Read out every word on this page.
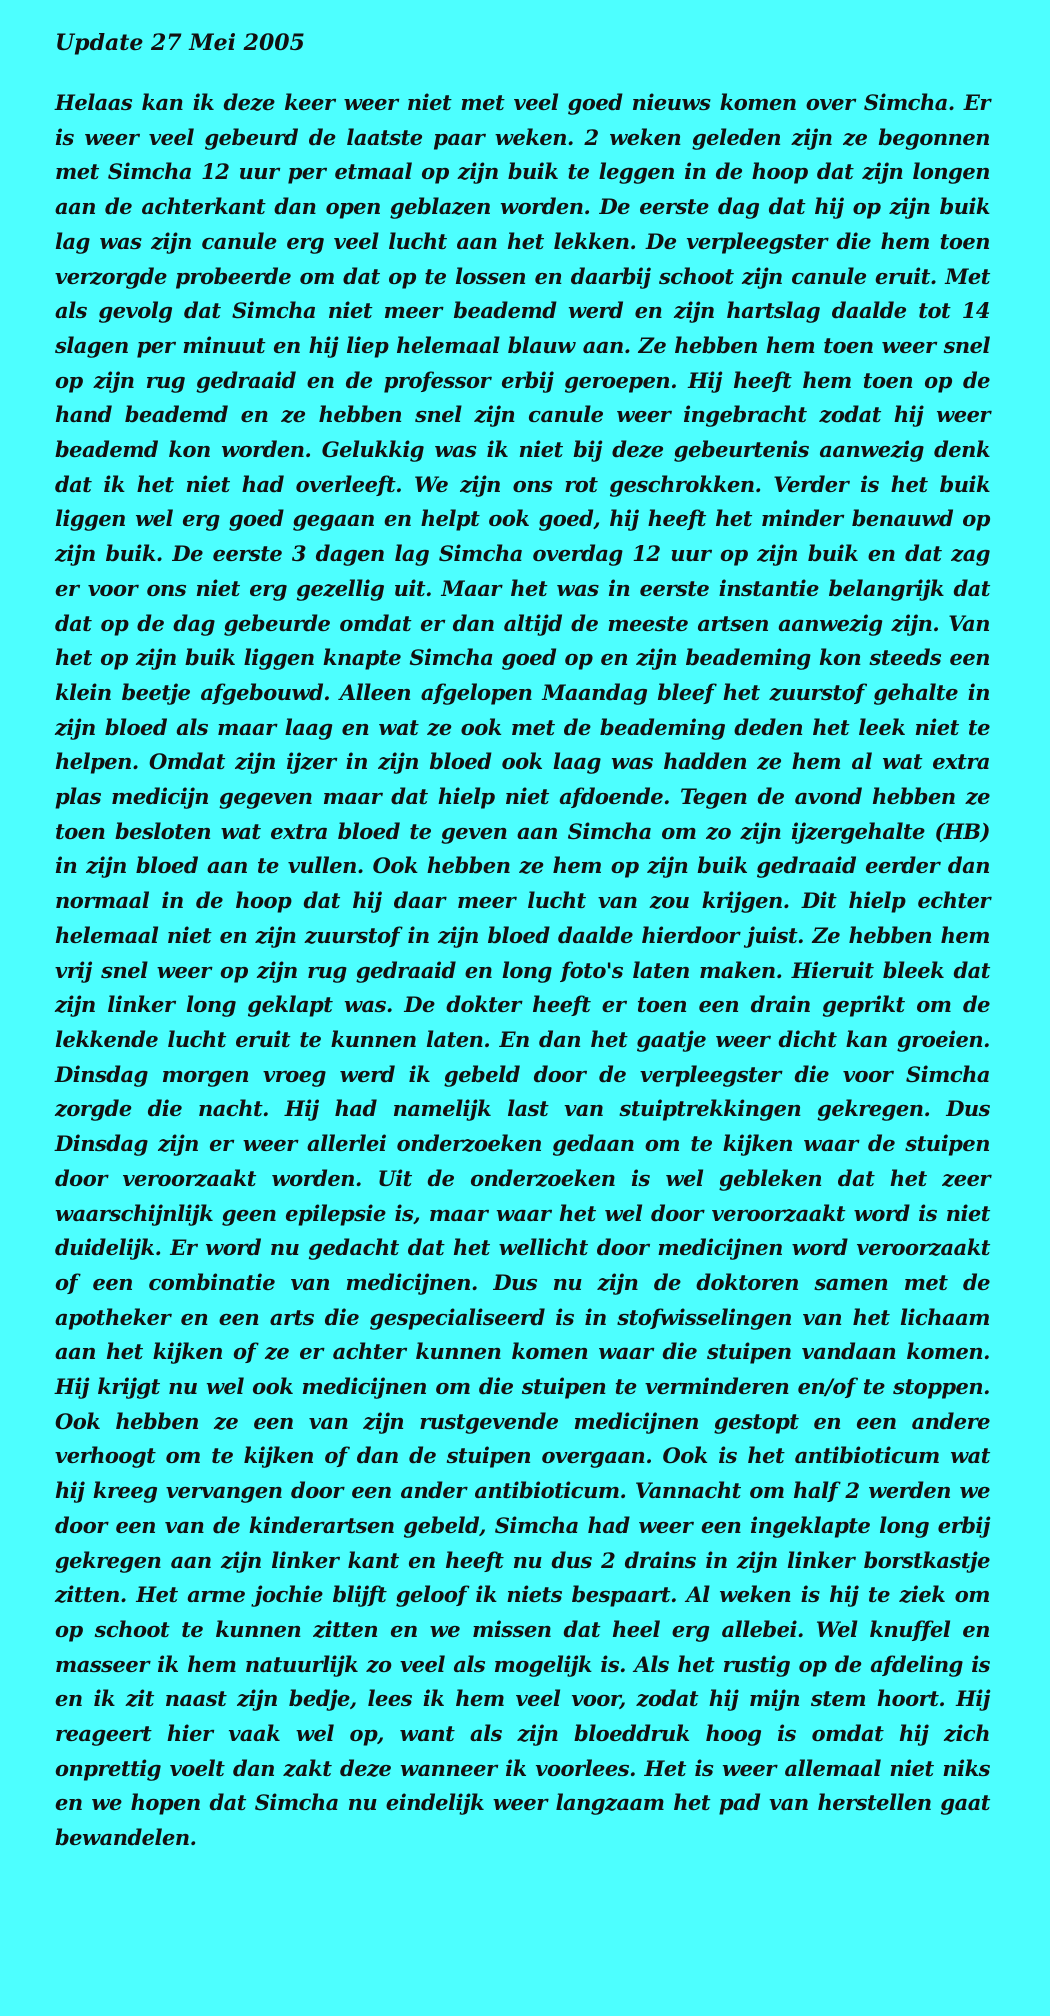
Update 27 Mei 2005

Helaas kan ik deze keer weer niet met veel goed nieuws komen over Simcha. Er is weer veel gebeurd de laatste paar weken. 2 weken geleden zijn ze begonnen met Simcha 12 uur per etmaal op zijn buik te leggen in de hoop dat zijn longen aan de achterkant dan open geblazen worden. De eerste dag dat hij op zijn buik lag was zijn canule erg veel lucht aan het lekken. De verpleegster die hem toen verzorgde probeerde om dat op te lossen en daarbij schoot zijn canule eruit. Met als gevolg dat Simcha niet meer beademd werd en zijn hartslag daalde tot 14 slagen per minuut en hij liep helemaal blauw aan. Ze hebben hem toen weer snel op zijn rug gedraaid en de professor erbij geroepen. Hij heeft hem toen op de hand beademd en ze hebben snel zijn canule weer ingebracht zodat hij weer beademd kon worden. Gelukkig was ik niet bij deze gebeurtenis aanwezig denk dat ik het niet had overleeft. We zijn ons rot geschrokken. Verder is het buik liggen wel erg goed gegaan en helpt ook goed, hij heeft het minder benauwd op zijn buik. De eerste 3 dagen lag Simcha overdag 12 uur op zijn buik en dat zag er voor ons niet erg gezellig uit. Maar het was in eerste instantie belangrijk dat dat op de dag gebeurde omdat er dan altijd de meeste artsen aanwezig zijn. Van het op zijn buik liggen knapte Simcha goed op en zijn beademing kon steeds een klein beetje afgebouwd. Alleen afgelopen Maandag bleef het zuurstof gehalte in zijn bloed als maar laag en wat ze ook met de beademing deden het leek niet te helpen. Omdat zijn ijzer in zijn bloed ook laag was hadden ze hem al wat extra plas medicijn gegeven maar dat hielp niet afdoende. Tegen de avond hebben ze toen besloten wat extra bloed te geven aan Simcha om zo zijn ijzergehalte (HB) in zijn bloed aan te vullen. Ook hebben ze hem op zijn buik gedraaid eerder dan normaal in de hoop dat hij daar meer lucht van zou krijgen. Dit hielp echter helemaal niet en zijn zuurstof in zijn bloed daalde hierdoor juist. Ze hebben hem vrij snel weer op zijn rug gedraaid en long foto's laten maken. Hieruit bleek dat zijn linker long geklapt was. De dokter heeft er toen een drain geprikt om de lekkende lucht eruit te kunnen laten. En dan het gaatje weer dicht kan groeien. Dinsdag morgen vroeg werd ik gebeld door de verpleegster die voor Simcha zorgde die nacht. Hij had namelijk last van stuiptrekkingen gekregen. Dus Dinsdag zijn er weer allerlei onderzoeken gedaan om te kijken waar de stuipen door veroorzaakt worden. Uit de onderzoeken is wel gebleken dat het zeer waarschijnlijk geen epilepsie is, maar waar het wel door veroorzaakt word is niet duidelijk. Er word nu gedacht dat het wellicht door medicijnen word veroorzaakt of een combinatie van medicijnen. Dus nu zijn de doktoren samen met de apotheker en een arts die gespecialiseerd is in stofwisselingen van het lichaam aan het kijken of ze er achter kunnen komen waar die stuipen vandaan komen. Hij krijgt nu wel ook medicijnen om die stuipen te verminderen en/of te stoppen. Ook hebben ze een van zijn rustgevende medicijnen gestopt en een andere verhoogt om te kijken of dan de stuipen overgaan. Ook is het antibioticum wat hij kreeg vervangen door een ander antibioticum. Vannacht om half 2 werden we door een van de kinderartsen gebeld, Simcha had weer een ingeklapte long erbij gekregen aan zijn linker kant en heeft nu dus 2 drains in zijn linker borstkastje zitten. Het arme jochie blijft geloof ik niets bespaart. Al weken is hij te ziek om op schoot te kunnen zitten en we missen dat heel erg allebei. Wel knuffel en masseer ik hem natuurlijk zo veel als mogelijk is. Als het rustig op de afdeling is en ik zit naast zijn bedje, lees ik hem veel voor, zodat hij mijn stem hoort. Hij reageert hier vaak wel op, want als zijn bloeddruk hoog is omdat hij zich onprettig voelt dan zakt deze wanneer ik voorlees. Het is weer allemaal niet niks en we hopen dat Simcha nu eindelijk weer langzaam het pad van herstellen gaat bewandelen.
